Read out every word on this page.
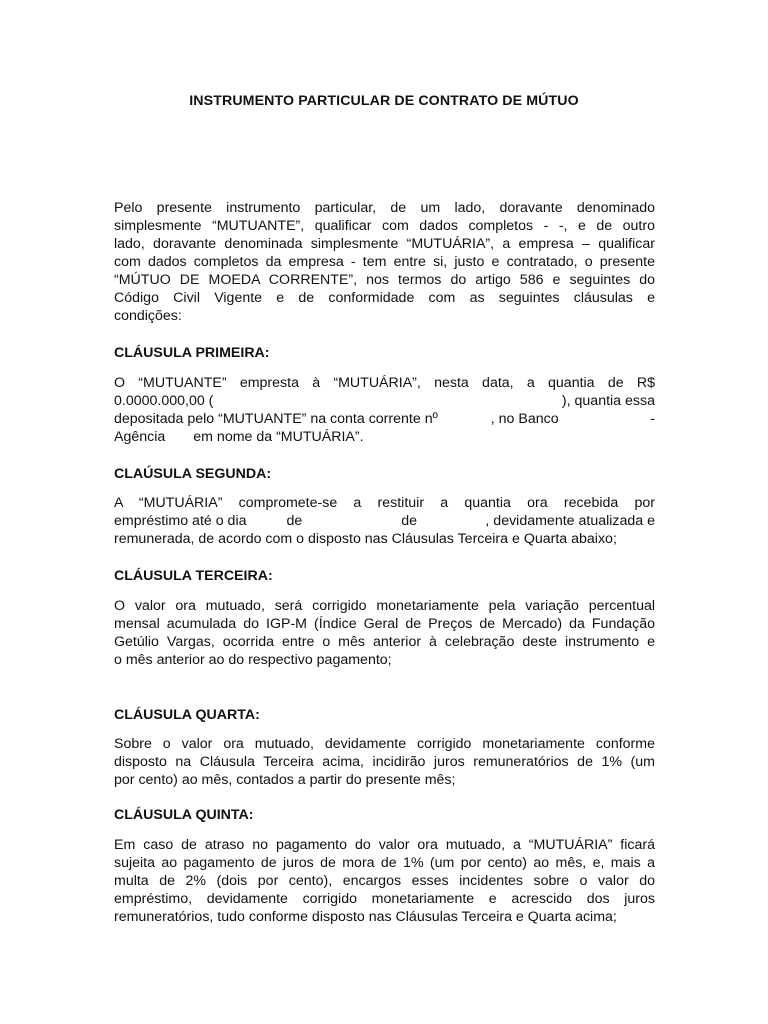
INSTRUMENTO PARTICULAR DE CONTRATO DE MÚTUO
Pelo presente instrumento particular, de um lado, doravante denominado
simplesmente “MUTUANTE”, qualificar com dados completos - -, e de outro
lado, doravante denominada simplesmente “MUTUÁRIA”, a empresa – qualificar
com dados completos da empresa - tem entre si, justo e contratado, o presente
“MÚTUO DE MOEDA CORRENTE”, nos termos do artigo 586 e seguintes do
Código Civil Vigente e de conformidade com as seguintes cláusulas e
condições:
CLÁUSULA PRIMEIRA:
O “MUTUANTE” empresta à “MUTUÁRIA”, nesta data, a quantia de R$
0.0000.000,00 (	), quantia essa
depositada pelo “MUTUANTE” na conta corrente nº	, no Banco	-
Agência em nome da “MUTUÁRIA”.
CLAÚSULA SEGUNDA:
A “MUTUÁRIA” compromete-se a restituir a quantia ora recebida por
empréstimo até o dia	de	de	, devidamente atualizada e
remunerada, de acordo com o disposto nas Cláusulas Terceira e Quarta abaixo;
CLÁUSULA TERCEIRA:
O valor ora mutuado, será corrigido monetariamente pela variação percentual
mensal acumulada do IGP-M (Índice Geral de Preços de Mercado) da Fundação
Getúlio Vargas, ocorrida entre o mês anterior à celebração deste instrumento e
o mês anterior ao do respectivo pagamento;
CLÁUSULA QUARTA:
Sobre o valor ora mutuado, devidamente corrigido monetariamente conforme
disposto na Cláusula Terceira acima, incidirão juros remuneratórios de 1% (um
por cento) ao mês, contados a partir do presente mês;
CLÁUSULA QUINTA:
Em caso de atraso no pagamento do valor ora mutuado, a “MUTUÁRIA” ficará
sujeita ao pagamento de juros de mora de 1% (um por cento) ao mês, e, mais a
multa de 2% (dois por cento), encargos esses incidentes sobre o valor do
empréstimo, devidamente corrigido monetariamente e acrescido dos juros
remuneratórios, tudo conforme disposto nas Cláusulas Terceira e Quarta acima;
